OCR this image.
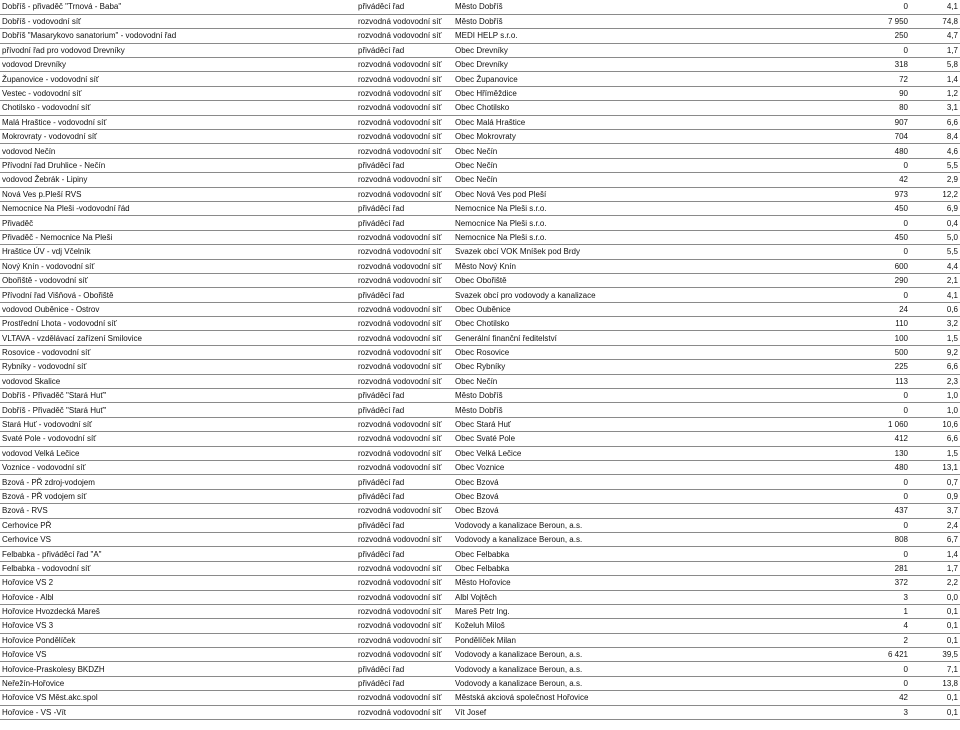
Dobříš - přivaděč "Trnová - Baba"	přiváděcí řad	Město Dobříš	0	4,1
Dobříš - vodovodní síť	rozvodná vodovodní síť	Město Dobříš	7 950	74,8
Dobříš "Masarykovo sanatorium" - vodovodní řad	rozvodná vodovodní síť	MEDI HELP s.r.o.	250	4,7
přívodní řad pro vodovod Drevníky	přiváděcí řad	Obec Drevníky	0	1,7
vodovod Drevníky	rozvodná vodovodní síť	Obec Drevníky	318	5,8
Županovice - vodovodní síť	rozvodná vodovodní síť	Obec Županovice	72	1,4
Vestec - vodovodní síť	rozvodná vodovodní síť	Obec Hříměždice	90	1,2
Chotilsko - vodovodní síť	rozvodná vodovodní síť	Obec Chotilsko	80	3,1
Malá Hraštice - vodovodní síť	rozvodná vodovodní síť	Obec Malá Hraštice	907	6,6
Mokrovraty - vodovodní síť	rozvodná vodovodní síť	Obec Mokrovraty	704	8,4
vodovod Nečín	rozvodná vodovodní síť	Obec Nečín	480	4,6
Přívodní řad Druhlice - Nečín	přiváděcí řad	Obec Nečín	0	5,5
vodovod Žebrák - Lipiny	rozvodná vodovodní síť	Obec Nečín	42	2,9
Nová Ves p.Pleší RVS	rozvodná vodovodní síť	Obec Nová Ves pod Pleší	973	12,2
Nemocnice Na Pleši -vodovodní řád	přiváděcí řad	Nemocnice Na Pleši s.r.o.	450	6,9
Přivaděč	přiváděcí řad	Nemocnice Na Pleši s.r.o.	0	0,4
Přivaděč - Nemocnice Na Pleši	rozvodná vodovodní síť	Nemocnice Na Pleši s.r.o.	450	5,0
Hraštice ÚV - vdj Včelník	rozvodná vodovodní síť	Svazek obcí VOK Mníšek pod Brdy	0	5,5
Nový Knín - vodovodní síť	rozvodná vodovodní síť	Město Nový Knín	600	4,4
Obořiště - vodovodní síť	rozvodná vodovodní síť	Obec Obořiště	290	2,1
Přívodní řad Višňová - Obořiště	přiváděcí řad	Svazek obcí pro vodovody a kanalizace	0	4,1
vodovod Ouběnice - Ostrov	rozvodná vodovodní síť	Obec Ouběnice	24	0,6
Prostřední Lhota - vodovodní síť	rozvodná vodovodní síť	Obec Chotilsko	110	3,2
VLTAVA - vzdělávací zařízení Smilovice	rozvodná vodovodní síť	Generální finanční ředitelství	100	1,5
Rosovice - vodovodní síť	rozvodná vodovodní síť	Obec Rosovice	500	9,2
Rybníky - vodovodní síť	rozvodná vodovodní síť	Obec Rybníky	225	6,6
vodovod Skalice	rozvodná vodovodní síť	Obec Nečín	113	2,3
Dobříš - Přivaděč "Stará Huť"	přiváděcí řad	Město Dobříš	0	1,0
Dobříš - Přivaděč "Stará Huť"	přiváděcí řad	Město Dobříš	0	1,0
Stará Huť - vodovodní síť	rozvodná vodovodní síť	Obec Stará Huť	1 060	10,6
Svaté Pole - vodovodní síť	rozvodná vodovodní síť	Obec Svaté Pole	412	6,6
vodovod Velká Lečice	rozvodná vodovodní síť	Obec Velká Lečice	130	1,5
Voznice - vodovodní síť	rozvodná vodovodní síť	Obec Voznice	480	13,1
Bzová - PŘ zdroj-vodojem	přiváděcí řad	Obec Bzová	0	0,7
Bzová - PŘ vodojem síť	přiváděcí řad	Obec Bzová	0	0,9
Bzová - RVS	rozvodná vodovodní síť	Obec Bzová	437	3,7
Cerhovice PŘ	přiváděcí řad	Vodovody a kanalizace Beroun, a.s.	0	2,4
Cerhovice VS	rozvodná vodovodní síť	Vodovody a kanalizace Beroun, a.s.	808	6,7
Felbabka - přiváděcí řad "A"	přiváděcí řad	Obec Felbabka	0	1,4
Felbabka - vodovodní síť	rozvodná vodovodní síť	Obec Felbabka	281	1,7
Hořovice VS 2	rozvodná vodovodní síť	Město Hořovice	372	2,2
Hořovice - Albl	rozvodná vodovodní síť	Albl Vojtěch	3	0,0
Hořovice Hvozdecká Mareš	rozvodná vodovodní síť	Mareš Petr Ing.	1	0,1
Hořovice VS 3	rozvodná vodovodní síť	Koželuh Miloš	4	0,1
Hořovice Pondělíček	rozvodná vodovodní síť	Pondělíček Milan	2	0,1
Hořovice VS	rozvodná vodovodní síť	Vodovody a kanalizace Beroun, a.s.	6 421	39,5
Hořovice-Praskolesy BKDZH	přiváděcí řad	Vodovody a kanalizace Beroun, a.s.	0	7,1
Neřežín-Hořovice	přiváděcí řad	Vodovody a kanalizace Beroun, a.s.	0	13,8
Hořovice VS Měst.akc.spol	rozvodná vodovodní síť	Městská akciová společnost Hořovice	42	0,1
Hořovice - VS -Vít	rozvodná vodovodní síť	Vít Josef	3	0,1
